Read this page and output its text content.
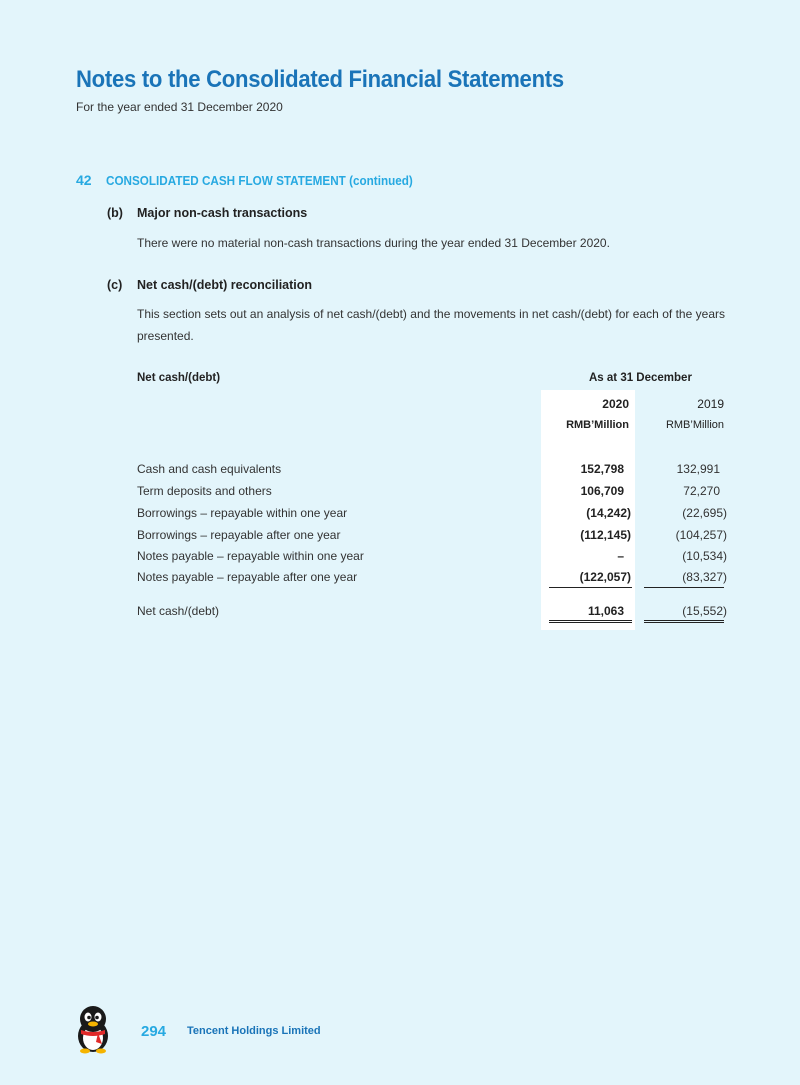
Notes to the Consolidated Financial Statements
For the year ended 31 December 2020
42 CONSOLIDATED CASH FLOW STATEMENT (continued)
(b) Major non-cash transactions
There were no material non-cash transactions during the year ended 31 December 2020.
(c) Net cash/(debt) reconciliation
This section sets out an analysis of net cash/(debt) and the movements in net cash/(debt) for each of the years presented.
Net cash/(debt)	As at 31 December
2020	2019
RMB’Million	RMB’Million
Cash and cash equivalents	152,798	132,991
Term deposits and others	106,709	72,270
Borrowings – repayable within one year	(14,242)	(22,695)
Borrowings – repayable after one year	(112,145)	(104,257)
Notes payable – repayable within one year	–	(10,534)
Notes payable – repayable after one year	(122,057)	(83,327)
Net cash/(debt)	11,063	(15,552)
294 Tencent Holdings Limited
